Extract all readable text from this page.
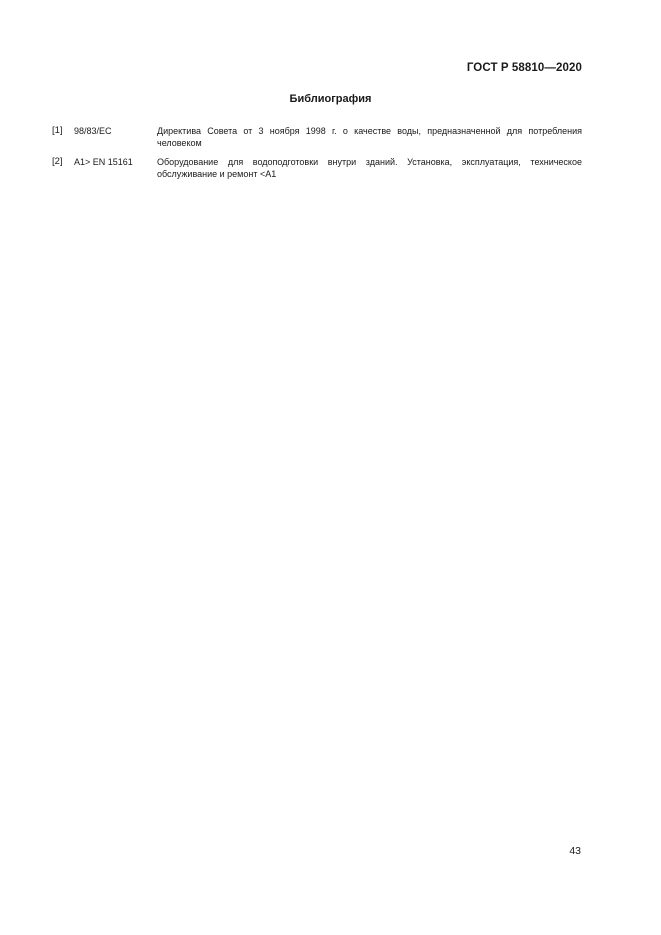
ГОСТ Р 58810—2020
Библиография
[1]	98/83/EC	Директива Совета от 3 ноября 1998 г. о качестве воды, предназначенной для потребления человеком
[2]	A1> EN 15161	Оборудование для водоподготовки внутри зданий. Установка, эксплуатация, техническое обслуживание и ремонт <A1
43
